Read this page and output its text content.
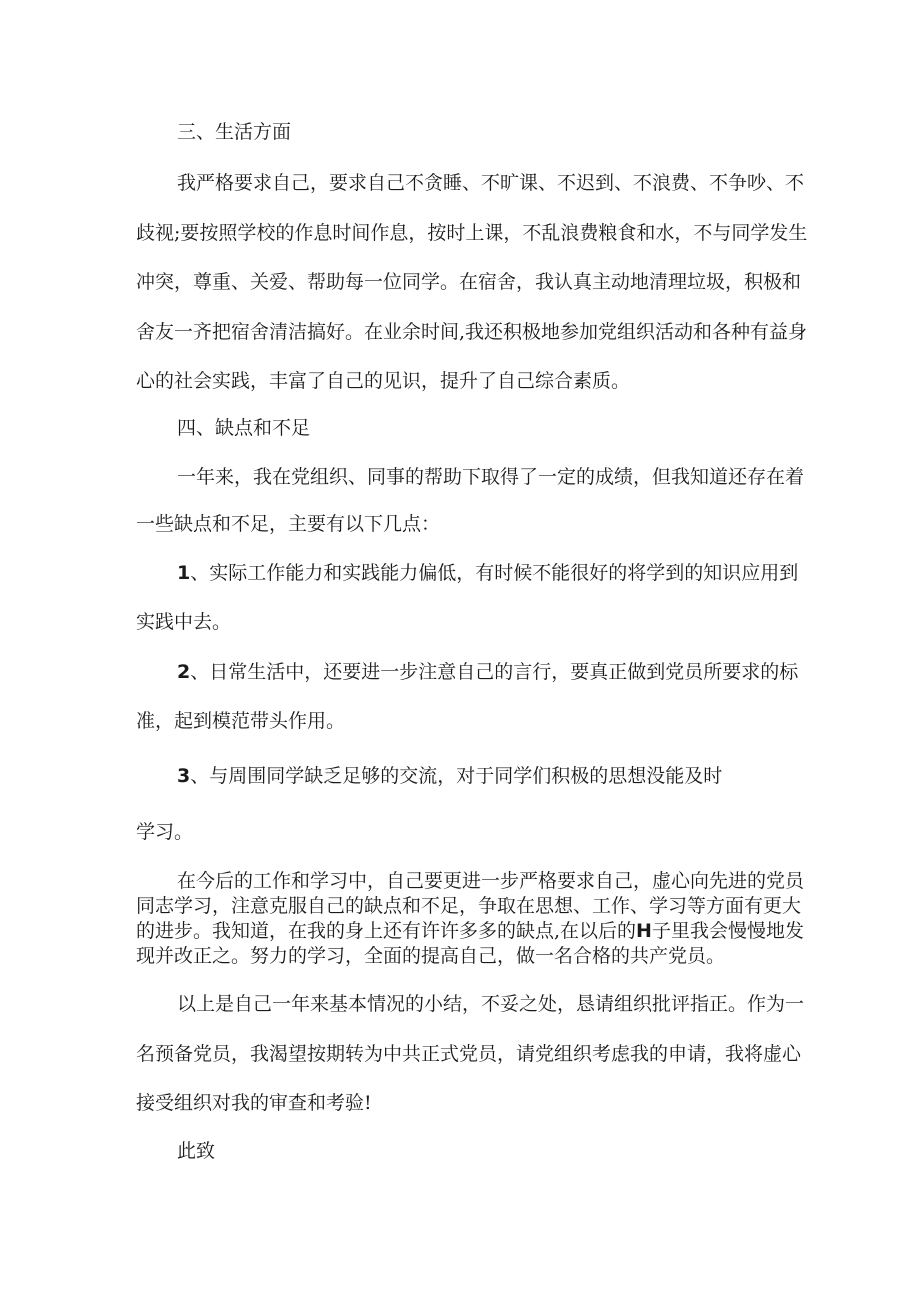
三、生活方面

我严格要求自己，要求自己不贪睡、不旷课、不迟到、不浪费、不争吵、不

歧视;要按照学校的作息时间作息，按时上课，不乱浪费粮食和水，不与同学发生

冲突，尊重、关爱、帮助每一位同学。在宿舍，我认真主动地清理垃圾，积极和

舍友一齐把宿舍清洁搞好。在业余时间,我还积极地参加党组织活动和各种有益身

心的社会实践，丰富了自己的见识，提升了自己综合素质。

四、缺点和不足

一年来，我在党组织、同事的帮助下取得了一定的成绩，但我知道还存在着

一些缺点和不足，主要有以下几点：

1、实际工作能力和实践能力偏低，有时候不能很好的将学到的知识应用到

实践中去。

2、日常生活中，还要进一步注意自己的言行，要真正做到党员所要求的标

准，起到模范带头作用。

3、与周围同学缺乏足够的交流，对于同学们积极的思想没能及时

学习。

在今后的工作和学习中，自己要更进一步严格要求自己，虚心向先进的党员

同志学习，注意克服自己的缺点和不足，争取在思想、工作、学习等方面有更大

的进步。我知道，在我的身上还有许许多多的缺点,在以后的H子里我会慢慢地发

现并改正之。努力的学习，全面的提高自己，做一名合格的共产党员。

以上是自己一年来基本情况的小结，不妥之处，恳请组织批评指正。作为一

名预备党员，我渴望按期转为中共正式党员，请党组织考虑我的申请，我将虚心

接受组织对我的审查和考验!

此致
